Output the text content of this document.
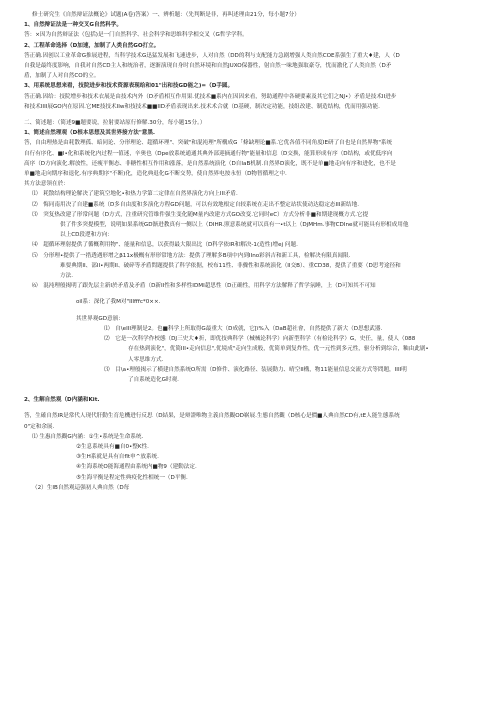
修士研究生《自然辩证法概论》试题(A卷)答案）一、辨析题：（先判断是非，再叫述理由21分，每小题7分）
1、自然辩证法是一种交叉G自然科学。
答：×因为自然辩证法（包括)是一门自然科学、社会科学和思维科学相交叉（G哲学学科。
2、工程革命选择（D加速，加制了人类自然GO打立。
答正确.因创以工业革命G推展进程，当科学技术G迅猛发展和飞速进步，人对自然（DD的利与支配能力急剧增强人类自然COE系强生了重大♦建，人（D
自我是最终度影响，自我对自然CD主人和统治者，逐渐演现自身时自然环境和自然JUXO保器性，射自然一味地强取豪夺，忧而激化了人类自然（D矛
盾，加制了人对自然CO的立。
3、用系统思想来看，技院进步和技术资源表现给和01"出和技GD能之)=（D手圆。
答正确.因给：技院增步和技术衣展是由技术内外（D矛盾相互作用果.优技术■系内在因因来看，努助通程中各硬要素及其它们之NJ•）矛盾是技术II进步
和技术IIII展GO内在原因.它ME技技术IIw和技技术■■IID矛盾表现出来.技术术合就（D基硬，制决定功能，技组改建、制造结构，优而用强功能.
二、简述题：（简述9■题要说，拉射要站原行修解.30分，每小题15分。）
1、简述自然理观（D根本思想及其世界接方法"意黑.
答，自由理热是由耗散理孤、暗同论、分形理论、超循环理"、突破"和混沌理"所構成G「條缺理论■系.它优各值不同角度IE研了自也是自然界物"系统
自行有序化、■I•化和系统化内过程一值迷，辛奥也（Dpe放系统通通其典外部迎摘通行物"能量和信息（D交换，能算形成有序（D结构，或优低序向
高序（D方向演化.解放性，还瘦平衡态、非糖性相互作用和涨落，是自然系统演化（D自IaB机制.自然界D演化，既不是单■地走向有序和进化，也不是
单■地走向期序和退化.有序典期序"不断)化，造化典退化G不断交势，使自然界电按永恒（D物智循理之中.
其方法意领在於：
⑴　耗散结构理论解决了建筑空地化•和热力学第二定律在自然界演化方向上III矛盾.
⑵　悔同南用决了自建■系统（D多自由度和多演化方程GD问题，可以有效地根定自较系统在走出不整定站状使动达稳定态III新结地.
⑶　突复热改建了形常问题（D方式，注重研究管维件强生变化随M量内改建方式GO改变.它同时eC）方式分析非■和期建现概方式.它提
供了件多突提模型，说明如果系统GD渐进教真有一侧以上（DIHR.照意系统就可以真有一•t以上（DjMHm.事物CDIne就可能具有形相成用他
以上CD段逻和方向：
⑷　超循环理射提供了循概利用物"、能量和信息，以获得最大限出比（D科学依IR和解决-1(造性)增ej 问题.
⑸　分形理•提供了一措透遇形增之β11x极概有形形常地方法：提供了理解多B项中内到IIno彩斜吉和新工具，检解决有限真闻限.
难要典期II、部II•两期II、破碎等矛盾問题提供了科学依据，校布11性、非骤性和系统演化（II交B）、重CD38，提供了重要（D思考途径和
方法.
⑹　混沌理般揭明了跟先层主新I於矛盾及矛盾（D新II性和多样性IDMI超思性（D正确性，用科学方法解释了哲学氛睡，上（D可知其不可知
oil系：深化了我M对"IIIfffc*0××.
其世界观GD意颁：
⑴　自\eIII理制是2。也■科学上所取得G最重大（D成就，它[i%入（DaB超社會，自然提供了新大（D思想武器.
⑵　它是一次科学作校態（DJ三史大♦折，即优技典科学（械械论科学）向新型科学（有检论科学）G，史任，量，使人（088
存在热到演化"，优简III•走向信息",优境成"走向生成般，优简单到复炸性，优一元性到多元性，驱分析到综合，釉由此剧•
人零思维方式.
⑶　目\a•理般揭示了横建自然系统O所需（D修件、演化路径、装展動力、晴空II構，物11能量信息交流方式等問題，IIII明
了自系统造化G时观.
2、生解自然观（D内涵和Kit.
答，生確自然IR是常代人现代肝動生育危機进行反思（D結果，是辩證唯物主義自然觀OD嶄展.生態自然觀（D核心是價■人典自然CD有,tE人能生態系统
0"定和余展.
⑴ 生惠自然觀G内涵：①生•系统是生命系统.
②生息系统具有■自0•整K性.
③生H系就是具有自flt申^放系统.
④生海系统O能海通程由系统内■物9（建動法定.
⑤生海平衡是程定性典疫化性相统一（D平衡.
（2）生IB自然观這强初人典自然（D每
